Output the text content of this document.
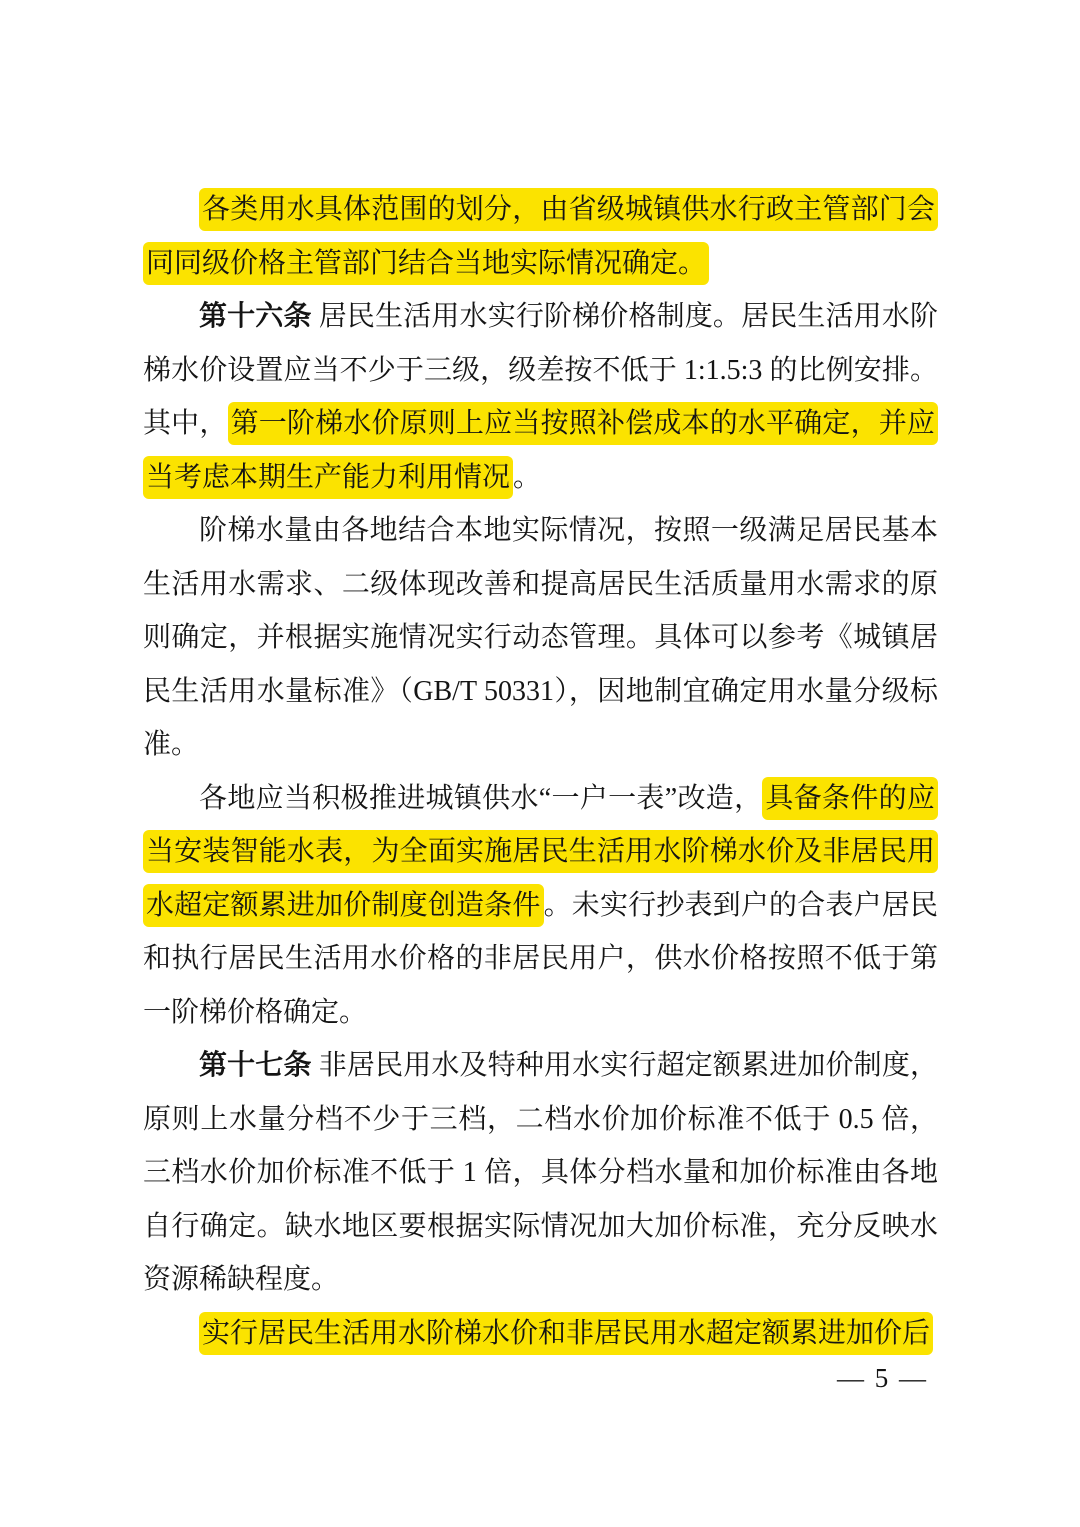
各类用水具体范围的划分，由省级城镇供水行政主管部门会同同级价格主管部门结合当地实际情况确定。

第十六条 居民生活用水实行阶梯价格制度。居民生活用水阶梯水价设置应当不少于三级，级差按不低于 1:1.5:3 的比例安排。其中， 第一阶梯水价原则上应当按照补偿成本的水平确定，并应当考虑本期生产能力利用情况 。

阶梯水量由各地结合本地实际情况，按照一级满足居民基本生活用水需求、二级体现改善和提高居民生活质量用水需求的原则确定，并根据实施情况实行动态管理。具体可以参考《城镇居民生活用水量标准》（GB/T 50331），因地制宜确定用水量分级标准。

各地应当积极推进城镇供水“一户一表”改造， 具备条件的应当安装智能水表，为全面实施居民生活用水阶梯水价及非居民用水超定额累进加价制度创造条件 。未实行抄表到户的合表户居民和执行居民生活用水价格的非居民用户，供水价格按照不低于第一阶梯价格确定。

第十七条 非居民用水及特种用水实行超定额累进加价制度，原则上水量分档不少于三档，二档水价加价标准不低于 0.5 倍，三档水价加价标准不低于 1 倍，具体分档水量和加价标准由各地自行确定。缺水地区要根据实际情况加大加价标准，充分反映水资源稀缺程度。

实行居民生活用水阶梯水价和非居民用水超定额累进加价后

— 5 —
